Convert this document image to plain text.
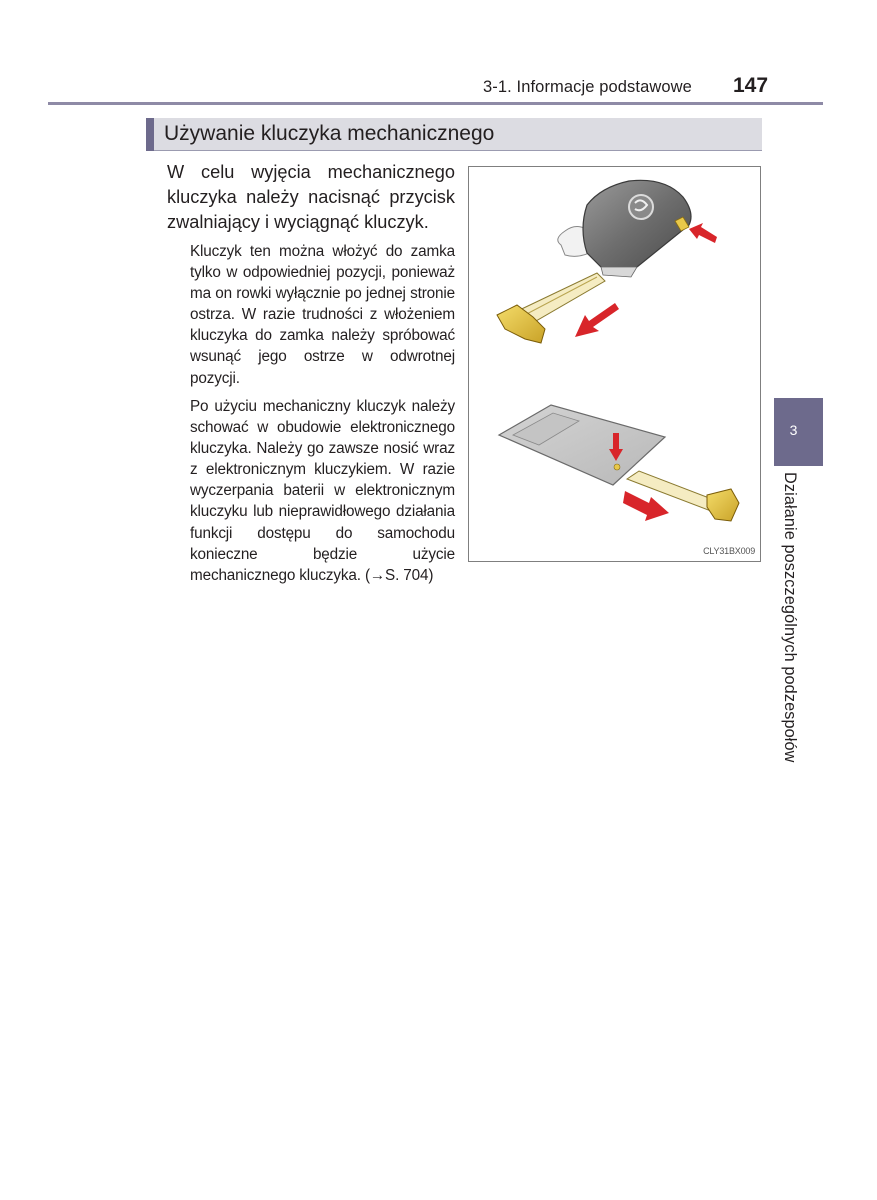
3-1. Informacje podstawowe 147
Używanie kluczyka mechanicznego

W celu wyjęcia mechanicznego kluczyka należy nacisnąć przycisk zwalniający i wyciągnąć kluczyk.

Kluczyk ten można włożyć do zamka tylko w odpowiedniej pozycji, ponieważ ma on rowki wyłącznie po jednej stronie ostrza. W razie trudności z włożeniem kluczyka do zamka należy spróbować wsunąć jego ostrze w odwrotnej pozycji.

Po użyciu mechaniczny kluczyk należy schować w obudowie elektronicznego kluczyka. Należy go zawsze nosić wraz z elektronicznym kluczykiem. W razie wyczerpania baterii w elektronicznym kluczyku lub nieprawidłowego działania funkcji dostępu do samochodu konieczne będzie użycie mechanicznego kluczyka. (→S. 704)

CLY31BX009
3
Działanie poszczególnych podzespołów
